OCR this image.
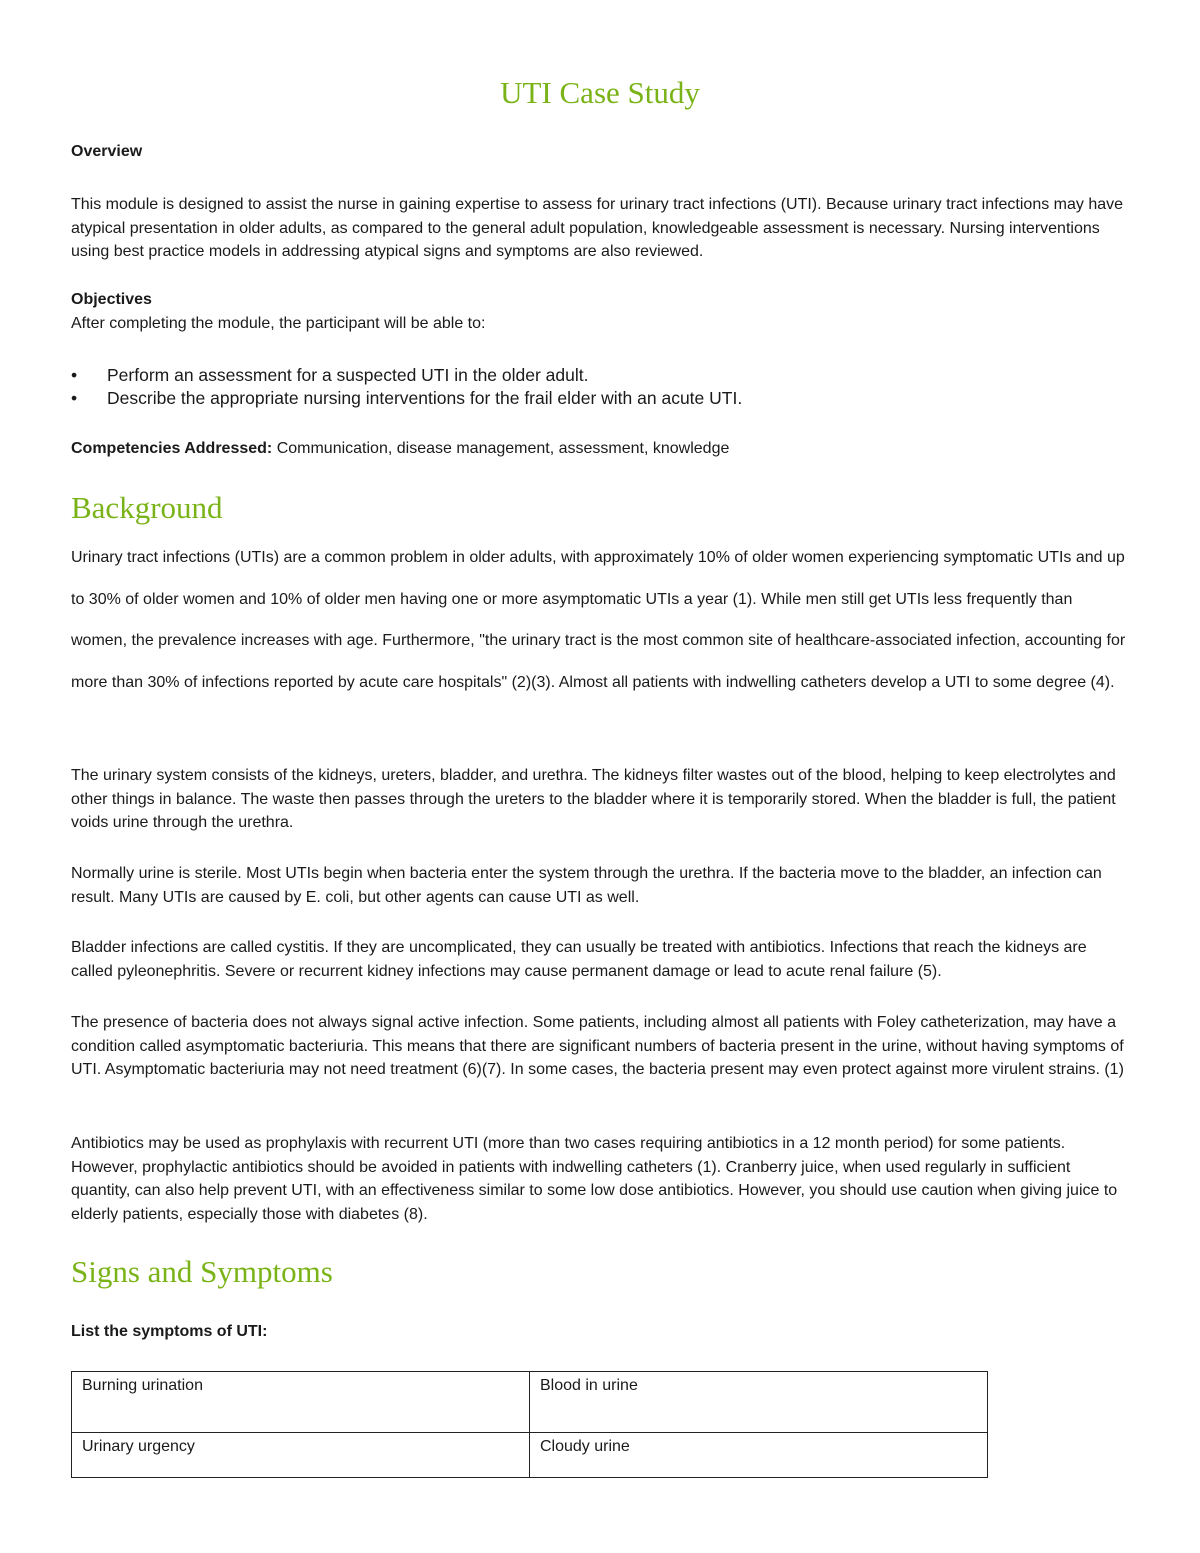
UTI Case Study
Overview

This module is designed to assist the nurse in gaining expertise to assess for urinary tract infections (UTI). Because urinary tract infections may have atypical presentation in older adults, as compared to the general adult population, knowledgeable assessment is necessary. Nursing interventions using best practice models in addressing atypical signs and symptoms are also reviewed.

Objectives
After completing the module, the participant will be able to:
• Perform an assessment for a suspected UTI in the older adult.
• Describe the appropriate nursing interventions for the frail elder with an acute UTI.
Competencies Addressed: Communication, disease management, assessment, knowledge
Background

Urinary tract infections (UTIs) are a common problem in older adults, with approximately 10% of older women experiencing symptomatic UTIs and up to 30% of older women and 10% of older men having one or more asymptomatic UTIs a year (1). While men still get UTIs less frequently than women, the prevalence increases with age. Furthermore, "the urinary tract is the most common site of healthcare-associated infection, accounting for more than 30% of infections reported by acute care hospitals" (2)(3). Almost all patients with indwelling catheters develop a UTI to some degree (4).

The urinary system consists of the kidneys, ureters, bladder, and urethra. The kidneys filter wastes out of the blood, helping to keep electrolytes and other things in balance. The waste then passes through the ureters to the bladder where it is temporarily stored. When the bladder is full, the patient voids urine through the urethra.

Normally urine is sterile. Most UTIs begin when bacteria enter the system through the urethra. If the bacteria move to the bladder, an infection can result. Many UTIs are caused by E. coli, but other agents can cause UTI as well.

Bladder infections are called cystitis. If they are uncomplicated, they can usually be treated with antibiotics. Infections that reach the kidneys are called pyleonephritis. Severe or recurrent kidney infections may cause permanent damage or lead to acute renal failure (5).

The presence of bacteria does not always signal active infection. Some patients, including almost all patients with Foley catheterization, may have a condition called asymptomatic bacteriuria. This means that there are significant numbers of bacteria present in the urine, without having symptoms of UTI. Asymptomatic bacteriuria may not need treatment (6)(7). In some cases, the bacteria present may even protect against more virulent strains. (1)

Antibiotics may be used as prophylaxis with recurrent UTI (more than two cases requiring antibiotics in a 12 month period) for some patients. However, prophylactic antibiotics should be avoided in patients with indwelling catheters (1). Cranberry juice, when used regularly in sufficient quantity, can also help prevent UTI, with an effectiveness similar to some low dose antibiotics. However, you should use caution when giving juice to elderly patients, especially those with diabetes (8).

Signs and Symptoms
List the symptoms of UTI:
Burning urination	Blood in urine
Urinary urgency	Cloudy urine
